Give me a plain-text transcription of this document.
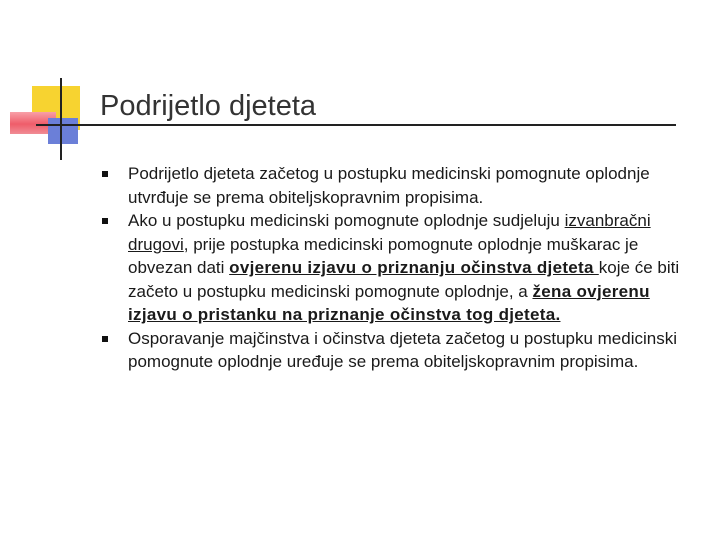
Podrijetlo djeteta
Podrijetlo djeteta začetog u postupku medicinski pomognute oplodnje utvrđuje se prema obiteljskopravnim propisima.
Ako u postupku medicinski pomognute oplodnje sudjeluju izvanbračni drugovi, prije postupka medicinski pomognute oplodnje muškarac je obvezan dati ovjerenu izjavu o priznanju očinstva djeteta koje će biti začeto u postupku medicinski pomognute oplodnje, a žena ovjerenu izjavu o pristanku na priznanje očinstva tog djeteta.
Osporavanje majčinstva i očinstva djeteta začetog u postupku medicinski pomognute oplodnje uređuje se prema obiteljskopravnim propisima.
